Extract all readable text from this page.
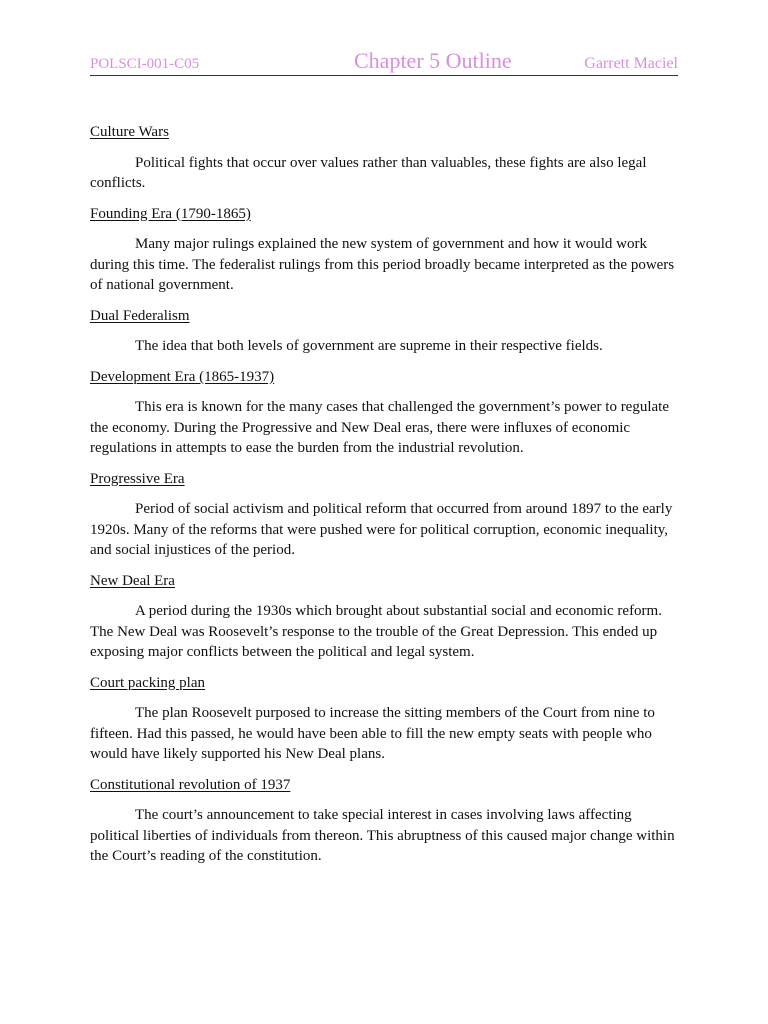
POLSCI-001-C05	Chapter 5 Outline	Garrett Maciel
Culture Wars

Political fights that occur over values rather than valuables, these fights are also legal conflicts.

Founding Era (1790-1865)

Many major rulings explained the new system of government and how it would work during this time. The federalist rulings from this period broadly became interpreted as the powers of national government.

Dual Federalism

The idea that both levels of government are supreme in their respective fields.

Development Era (1865-1937)

This era is known for the many cases that challenged the government’s power to regulate the economy. During the Progressive and New Deal eras, there were influxes of economic regulations in attempts to ease the burden from the industrial revolution.

Progressive Era

Period of social activism and political reform that occurred from around 1897 to the early 1920s. Many of the reforms that were pushed were for political corruption, economic inequality, and social injustices of the period.

New Deal Era

A period during the 1930s which brought about substantial social and economic reform. The New Deal was Roosevelt’s response to the trouble of the Great Depression. This ended up exposing major conflicts between the political and legal system.

Court packing plan

The plan Roosevelt purposed to increase the sitting members of the Court from nine to fifteen. Had this passed, he would have been able to fill the new empty seats with people who would have likely supported his New Deal plans.

Constitutional revolution of 1937

The court’s announcement to take special interest in cases involving laws affecting political liberties of individuals from thereon. This abruptness of this caused major change within the Court’s reading of the constitution.
